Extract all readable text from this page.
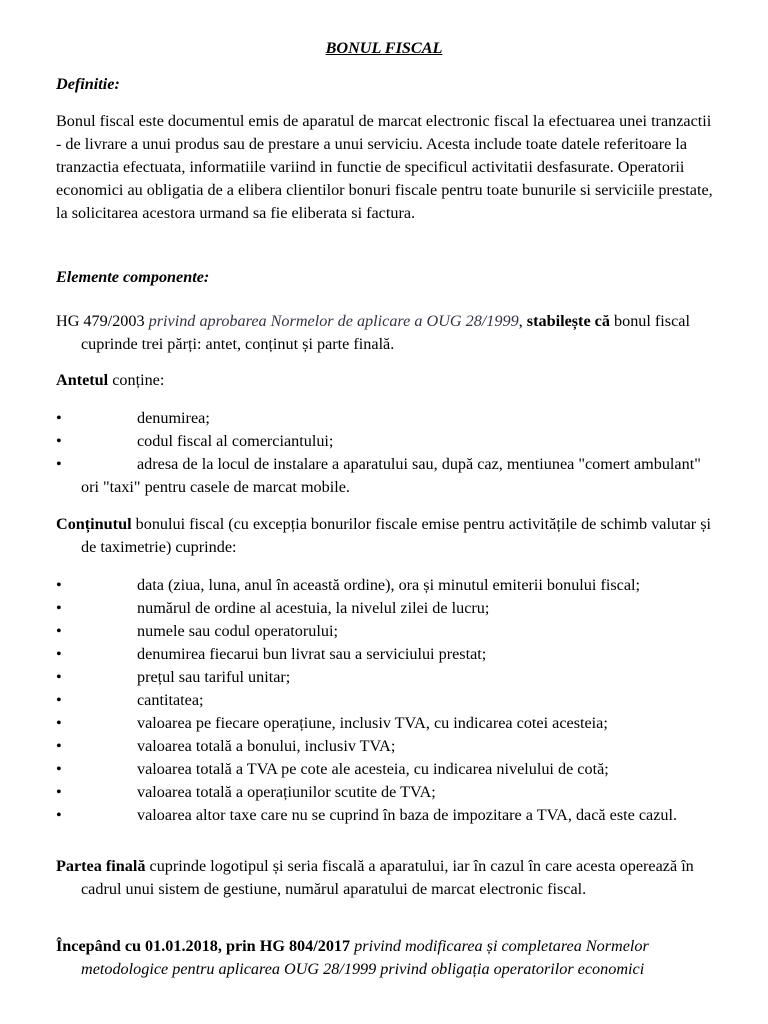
BONUL FISCAL
Definitie:
Bonul fiscal este documentul emis de aparatul de marcat electronic fiscal la efectuarea unei tranzactii - de livrare a unui produs sau de prestare a unui serviciu. Acesta include toate datele referitoare la tranzactia efectuata, informatiile variind in functie de specificul activitatii desfasurate. Operatorii economici au obligatia de a elibera clientilor bonuri fiscale pentru toate bunurile si serviciile prestate, la solicitarea acestora urmand sa fie eliberata si factura.
Elemente componente:
HG 479/2003 privind aprobarea Normelor de aplicare a OUG 28/1999, stabilește că bonul fiscal cuprinde trei părți: antet, conținut și parte finală.
Antetul conține:
•	denumirea;
•	codul fiscal al comerciantului;
•	adresa de la locul de instalare a aparatului sau, după caz, mentiunea "comert ambulant" ori "taxi" pentru casele de marcat mobile.
Conținutul bonului fiscal (cu excepția bonurilor fiscale emise pentru activitățile de schimb valutar și de taximetrie) cuprinde:
•	data (ziua, luna, anul în această ordine), ora și minutul emiterii bonului fiscal;
•	numărul de ordine al acestuia, la nivelul zilei de lucru;
•	numele sau codul operatorului;
•	denumirea fiecarui bun livrat sau a serviciului prestat;
•	prețul sau tariful unitar;
•	cantitatea;
•	valoarea pe fiecare operațiune, inclusiv TVA, cu indicarea cotei acesteia;
•	valoarea totală a bonului, inclusiv TVA;
•	valoarea totală a TVA pe cote ale acesteia, cu indicarea nivelului de cotă;
•	valoarea totală a operațiunilor scutite de TVA;
•	valoarea altor taxe care nu se cuprind în baza de impozitare a TVA, dacă este cazul.
Partea finală cuprinde logotipul și seria fiscală a aparatului, iar în cazul în care acesta operează în cadrul unui sistem de gestiune, numărul aparatului de marcat electronic fiscal.
Începând cu 01.01.2018, prin HG 804/2017 privind modificarea și completarea Normelor metodologice pentru aplicarea OUG 28/1999 privind obligația operatorilor economici
